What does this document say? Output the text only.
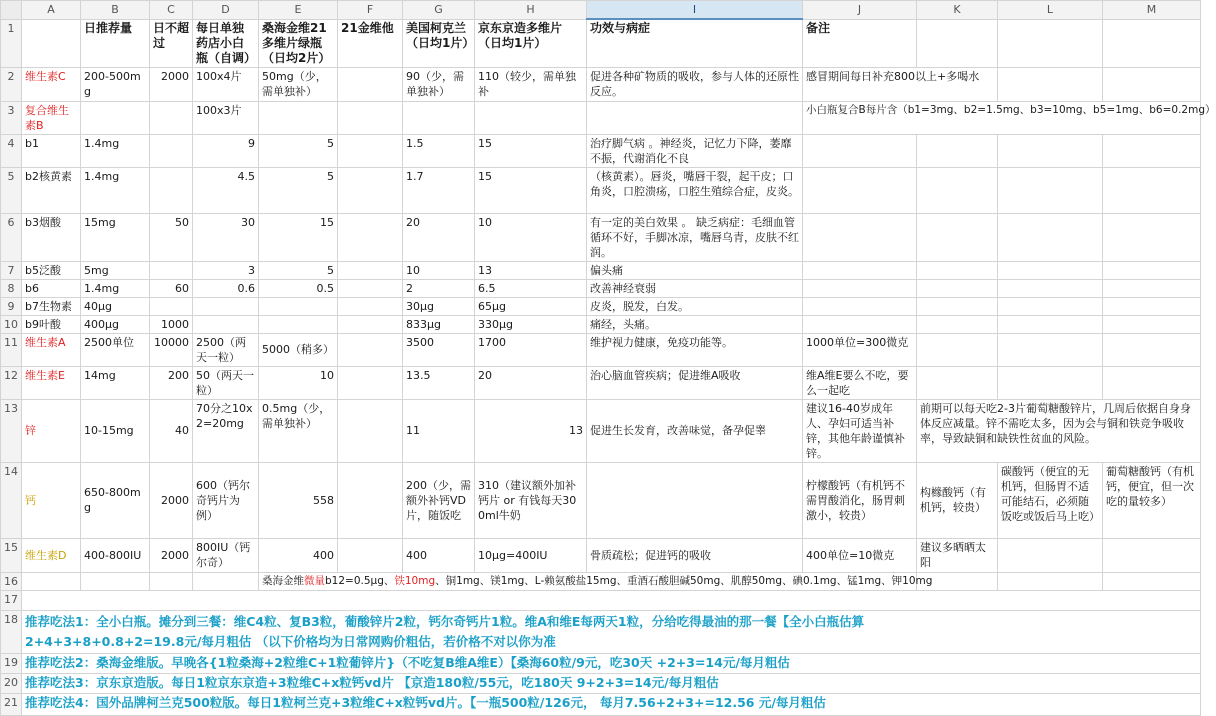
	A	B	C	D	E	F	G	H	I	J	K	L	M
1		日推荐量	日不超过	每日单独药店小白瓶（自调）	桑海金维21多维片绿瓶（日均2片）	21金维他	美国柯克兰（日均1片）	京东京造多维片（日均1片）	功效与病症	备注			
2	维生素C	200-500mg	2000	100x4片	50mg（少，需单独补）		90（少，需单独补）	110（较少，需单独补	促进各种矿物质的吸收，参与人体的还原性反应。	感冒期间每日补充800以上+多喝水			
3	复合维生素B			100x3片						小白瓶复合B每片含（b1=3mg、b2=1.5mg、b3=10mg、b5=1mg、b6=0.2mg）			
4	b1	1.4mg		9	5		1.5	15	治疗脚气病 。神经炎，记忆力下降，萎靡不振，代谢消化不良				
5	b2核黄素	1.4mg		4.5	5		1.7	15	（核黄素）。唇炎，嘴唇干裂，起干皮；口角炎，口腔溃疡，口腔生殖综合症，皮炎。				
6	b3烟酸	15mg	50	30	15		20	10	有一定的美白效果 。 缺乏病症：毛细血管循环不好，手脚冰凉，嘴唇乌青，皮肤不红润。				
7	b5泛酸	5mg		3	5		10	13	偏头痛				
8	b6	1.4mg	60	0.6	0.5		2	6.5	改善神经衰弱				
9	b7生物素	40μg					30μg	65μg	皮炎，脱发，白发。				
10	b9叶酸	400μg	1000				833μg	330μg	痛经，头痛。				
11	维生素A	2500单位	10000	2500（两天一粒）	5000（稍多）		3500	1700	维护视力健康，免疫功能等。	1000单位=300微克			
12	维生素E	14mg	200	50（两天一粒）	10		13.5	20	治心脑血管疾病；促进维A吸收	维A维E要么不吃，要么一起吃			
13	锌	10-15mg	40	70分之10x2=20mg	0.5mg（少，需单独补）		11	13	促进生长发育，改善味觉，备孕促睾	建议16-40岁成年人、孕妇可适当补锌，其他年龄谨慎补锌。	前期可以每天吃2-3片葡萄糖酸锌片，几周后依据自身身体反应减量。锌不需吃太多，因为会与铜和铁竞争吸收率，导致缺铜和缺铁性贫血的风险。		
14	钙	650-800mg	2000	600（钙尔奇钙片为例）	558		200（少，需额外补钙VD片，随饭吃	310（建议额外加补钙片 or 有钱每天300ml牛奶		柠檬酸钙（有机钙不需胃酸消化，肠胃刺激小，较贵）	构橼酸钙（有机钙，较贵）	碳酸钙（便宜的无机钙，但肠胃不适可能结石，必须随饭吃或饭后马上吃）	葡萄糖酸钙（有机钙，便宜，但一次吃的量较多）
15	维生素D	400-800IU	2000	800IU（钙尔奇）	400		400	10μg=400IU	骨质疏松；促进钙的吸收	400单位=10微克	建议多晒晒太阳		
16					桑海金维微量b12=0.5μg、铁10mg、铜1mg、镁1mg、L-赖氨酸盐15mg、重酒石酸胆碱50mg、肌醇50mg、碘0.1mg、锰1mg、钾10mg								
17													
18	推荐吃法1：全小白瓶。摊分到三餐：维C4粒、复B3粒，葡酸锌片2粒，钙尔奇钙片1粒。维A和维E每两天1粒，分给吃得最油的那一餐【全小白瓶估算
2+4+3+8+0.8+2=19.8元/每月粗估 （以下价格均为日常网购价粗估，若价格不对以你为准												

19	推荐吃法2：桑海金维版。早晚各{1粒桑海+2粒维C+1粒葡锌片}（不吃复B维A维E）【桑海60粒/9元，吃30天 +2+3=14元/每月粗估												
20	推荐吃法3：京东京造版。每日1粒京东京造+3粒维C+x粒钙vd片 【京造180粒/55元，吃180天 9+2+3=14元/每月粗估												
21	推荐吃法4：国外品牌柯兰克500粒版。每日1粒柯兰克+3粒维C+x粒钙vd片。【一瓶500粒/126元， 每月7.56+2+3+=12.56 元/每月粗估												
